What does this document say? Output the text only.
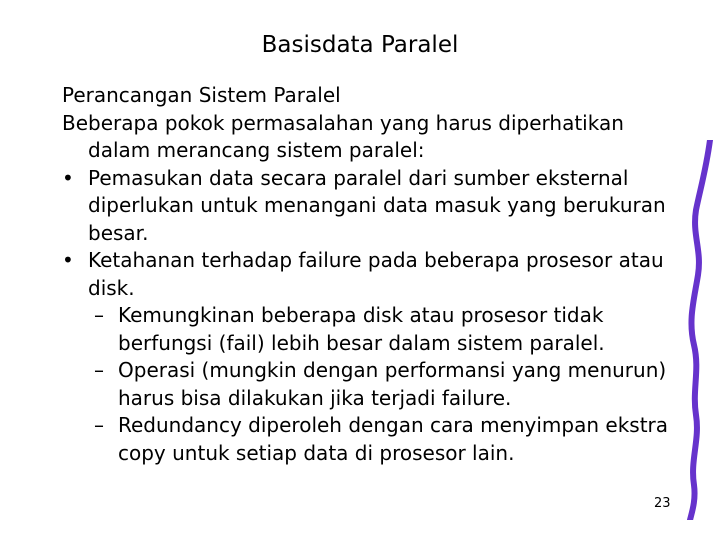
Basisdata Paralel

Perancangan Sistem Paralel

Beberapa pokok permasalahan yang harus diperhatikan dalam merancang sistem paralel:

• Pemasukan data secara paralel dari sumber eksternal diperlukan untuk menangani data masuk yang berukuran besar.

• Ketahanan terhadap failure pada beberapa prosesor atau disk.

– Kemungkinan beberapa disk atau prosesor tidak berfungsi (fail) lebih besar dalam sistem paralel.

– Operasi (mungkin dengan performansi yang menurun) harus bisa dilakukan jika terjadi failure.

– Redundancy diperoleh dengan cara menyimpan ekstra copy untuk setiap data di prosesor lain.

23
